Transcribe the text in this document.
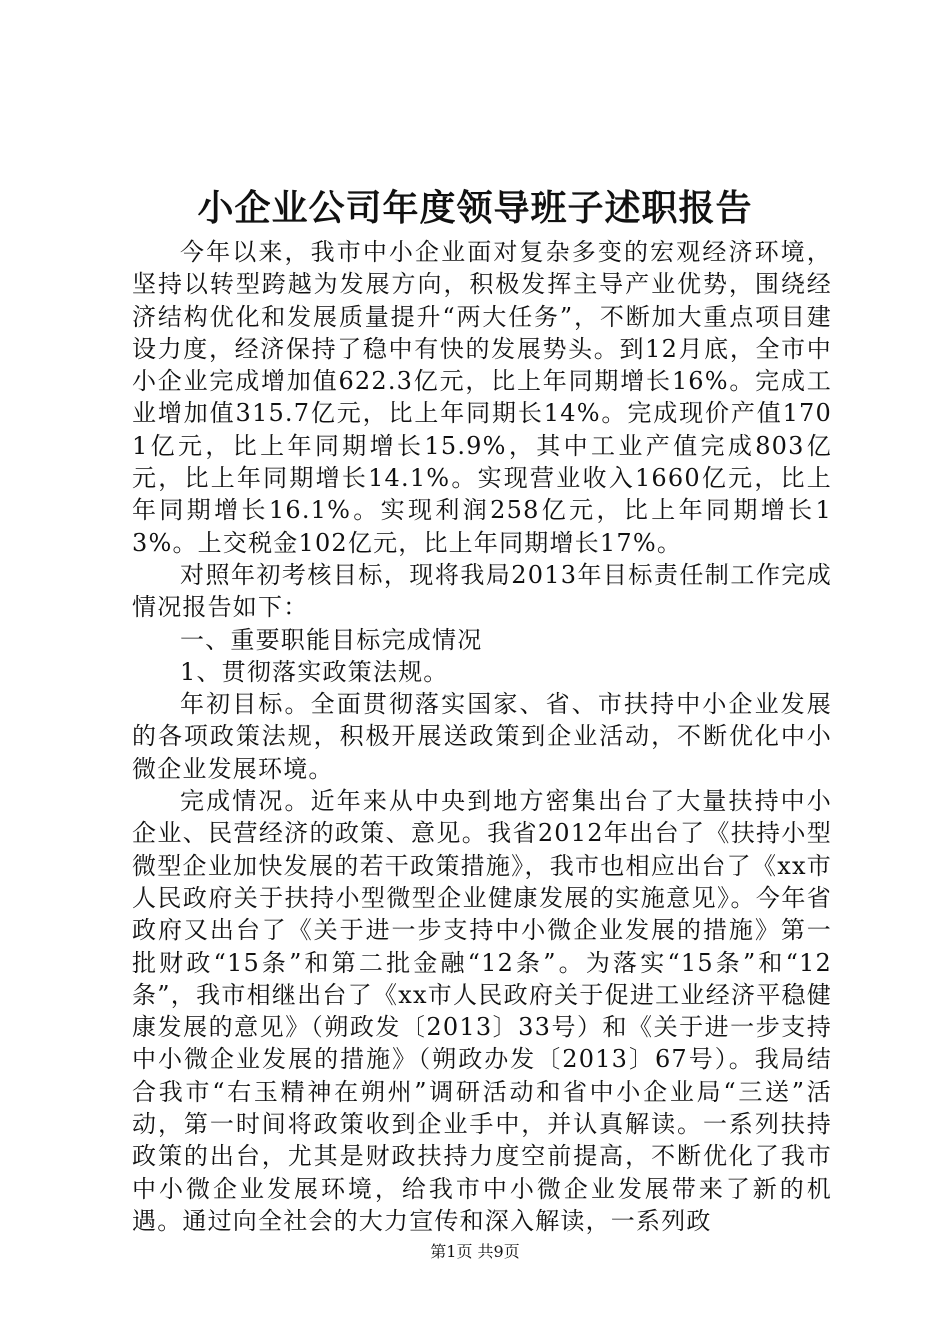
小企业公司年度领导班子述职报告

今年以来，我市中小企业面对复杂多变的宏观经济环境，坚持以转型跨越为发展方向，积极发挥主导产业优势，围绕经济结构优化和发展质量提升“两大任务”，不断加大重点项目建设力度，经济保持了稳中有快的发展势头。到12月底，全市中小企业完成增加值622.3亿元，比上年同期增长16%。完成工业增加值315.7亿元，比上年同期长14%。完成现价产值1701亿元，比上年同期增长15.9%，其中工业产值完成803亿元，比上年同期增长14.1%。实现营业收入1660亿元，比上年同期增长16.1%。实现利润258亿元，比上年同期增长13%。上交税金102亿元，比上年同期增长17%。

对照年初考核目标，现将我局2013年目标责任制工作完成情况报告如下：

一、重要职能目标完成情况

1、贯彻落实政策法规。

年初目标。全面贯彻落实国家、省、市扶持中小企业发展的各项政策法规，积极开展送政策到企业活动，不断优化中小微企业发展环境。

完成情况。近年来从中央到地方密集出台了大量扶持中小企业、民营经济的政策、意见。我省2012年出台了《扶持小型微型企业加快发展的若干政策措施》，我市也相应出台了《xx市人民政府关于扶持小型微型企业健康发展的实施意见》。今年省政府又出台了《关于进一步支持中小微企业发展的措施》第一批财政“15条”和第二批金融“12条”。为落实“15条”和“12条”，我市相继出台了《xx市人民政府关于促进工业经济平稳健康发展的意见》（朔政发〔2013〕33号）和《关于进一步支持中小微企业发展的措施》（朔政办发〔2013〕67号）。我局结合我市“右玉精神在朔州”调研活动和省中小企业局“三送”活动，第一时间将政策收到企业手中，并认真解读。一系列扶持政策的出台，尤其是财政扶持力度空前提高，不断优化了我市中小微企业发展环境，给我市中小微企业发展带来了新的机遇。通过向全社会的大力宣传和深入解读，一系列政

第1页 共9页
